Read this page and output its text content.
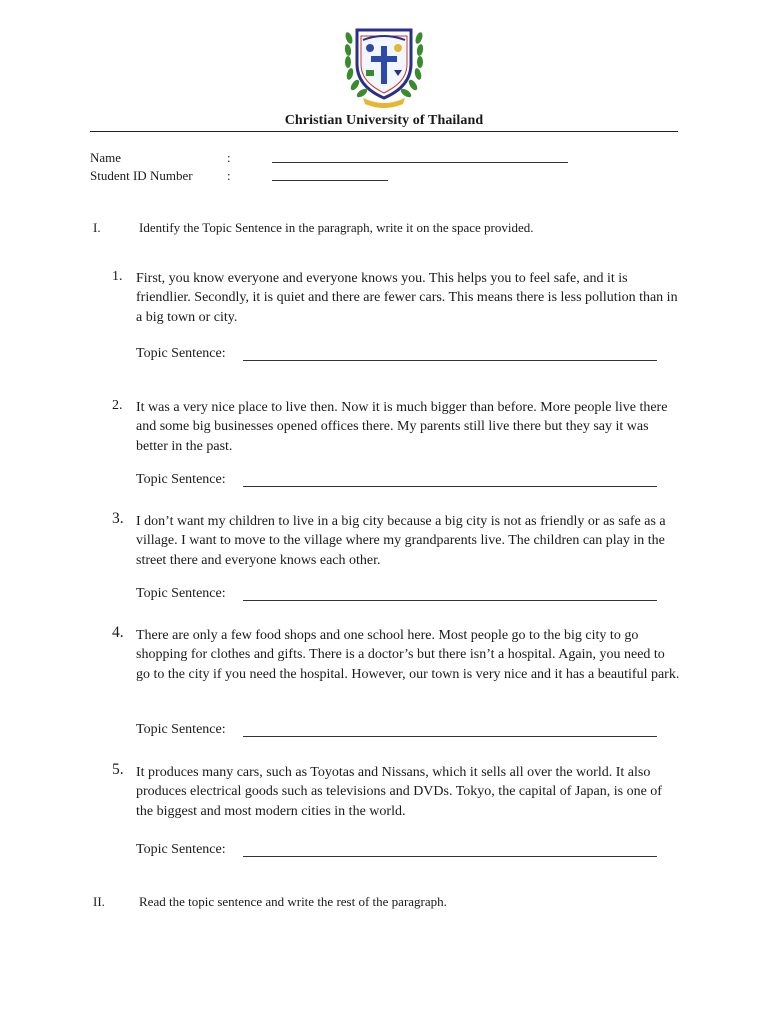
Christian University of Thailand
Name	:
Student ID Number	:
I.	Identify the Topic Sentence in the paragraph, write it on the space provided.
1. First, you know everyone and everyone knows you. This helps you to feel safe, and it is friendlier. Secondly, it is quiet and there are fewer cars. This means there is less pollution than in a big town or city.
Topic Sentence:
2. It was a very nice place to live then. Now it is much bigger than before. More people live there and some big businesses opened offices there. My parents still live there but they say it was better in the past.
Topic Sentence:
3. I don’t want my children to live in a big city because a big city is not as friendly or as safe as a village. I want to move to the village where my grandparents live. The children can play in the street there and everyone knows each other.
Topic Sentence:
4. There are only a few food shops and one school here. Most people go to the big city to go shopping for clothes and gifts. There is a doctor’s but there isn’t a hospital. Again, you need to go to the city if you need the hospital. However, our town is very nice and it has a beautiful park.
Topic Sentence:
5. It produces many cars, such as Toyotas and Nissans, which it sells all over the world. It also produces electrical goods such as televisions and DVDs. Tokyo, the capital of Japan, is one of the biggest and most modern cities in the world.
Topic Sentence:
II.	Read the topic sentence and write the rest of the paragraph.
